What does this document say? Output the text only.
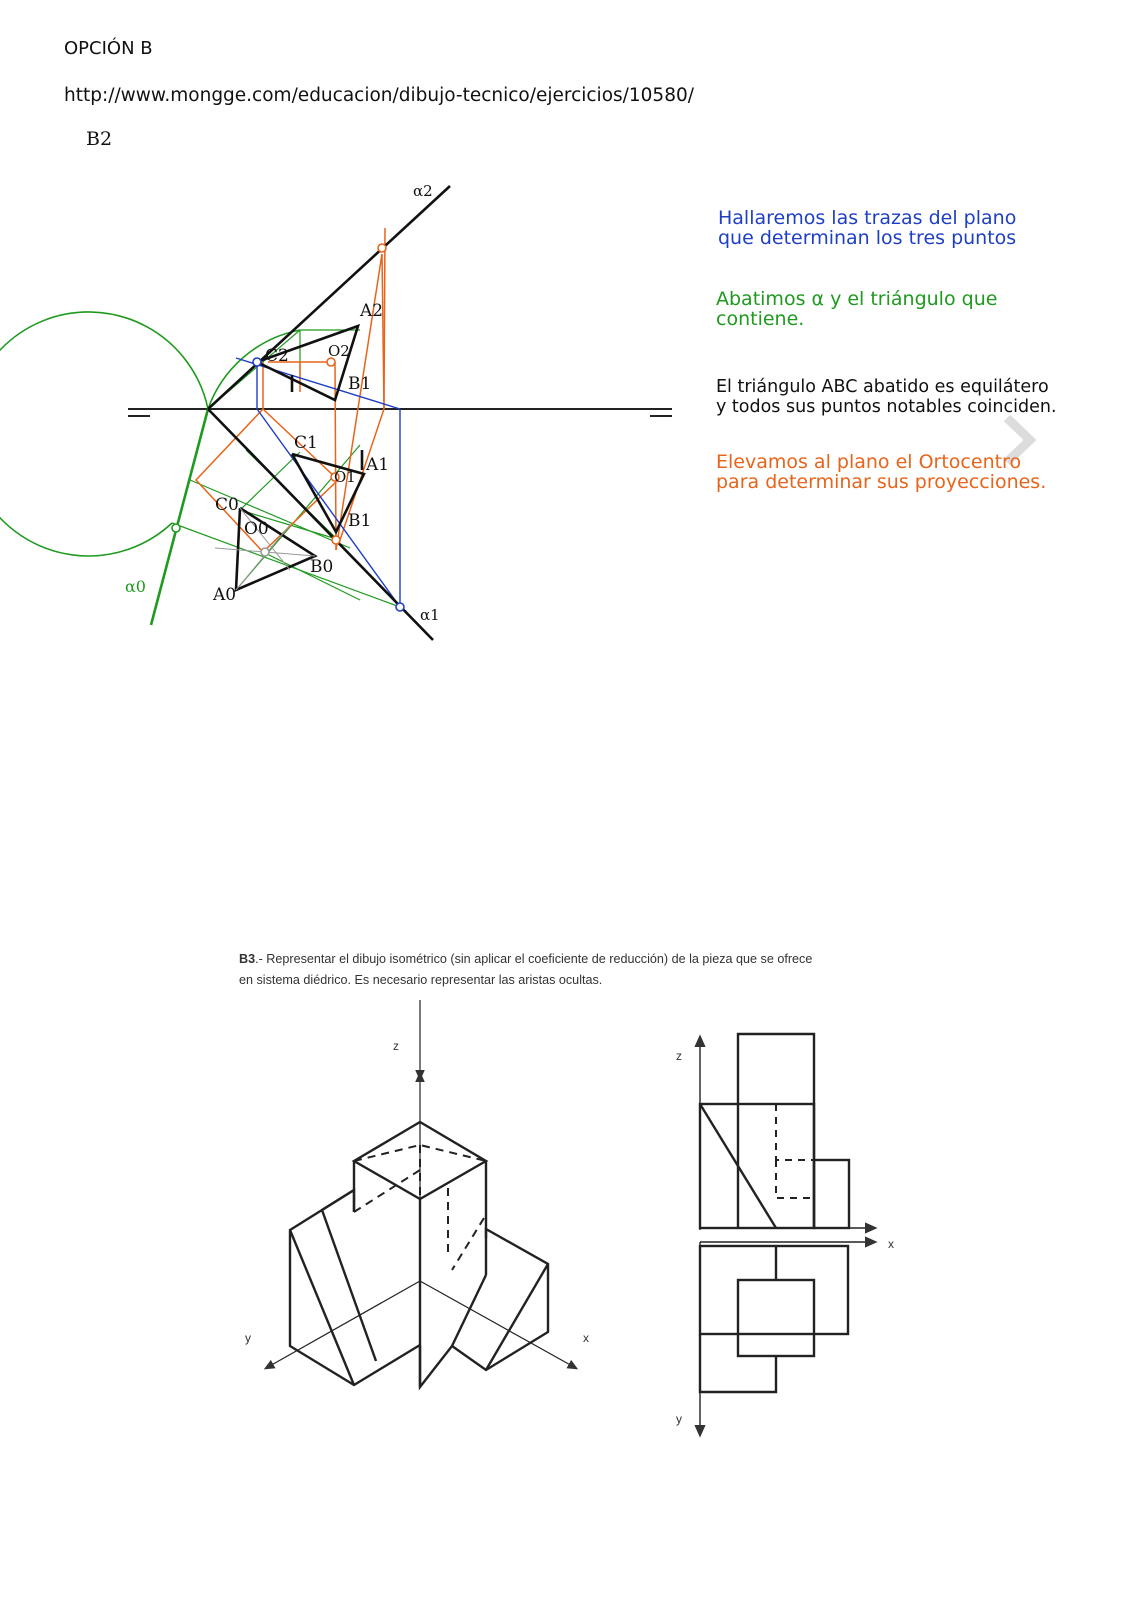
OPCIÓN B

http://www.mongge.com/educacion/dibujo-tecnico/ejercicios/10580/

B2

α2
α1
α0
A2
C2	O2
B1
C1
A1
O1
B1
C0
O0
B0
A0

Hallaremos las trazas del plano
que determinan los tres puntos

Abatimos α y el triángulo que
contiene.

El triángulo ABC abatido es equilátero
y todos sus puntos notables coinciden.

Elevamos al plano el Ortocentro
para determinar sus proyecciones.

B3.- Representar el dibujo isométrico (sin aplicar el coeficiente de reducción) de la pieza que se ofrece
en sistema diédrico. Es necesario representar las aristas ocultas.

z
y	x
z
x
y
